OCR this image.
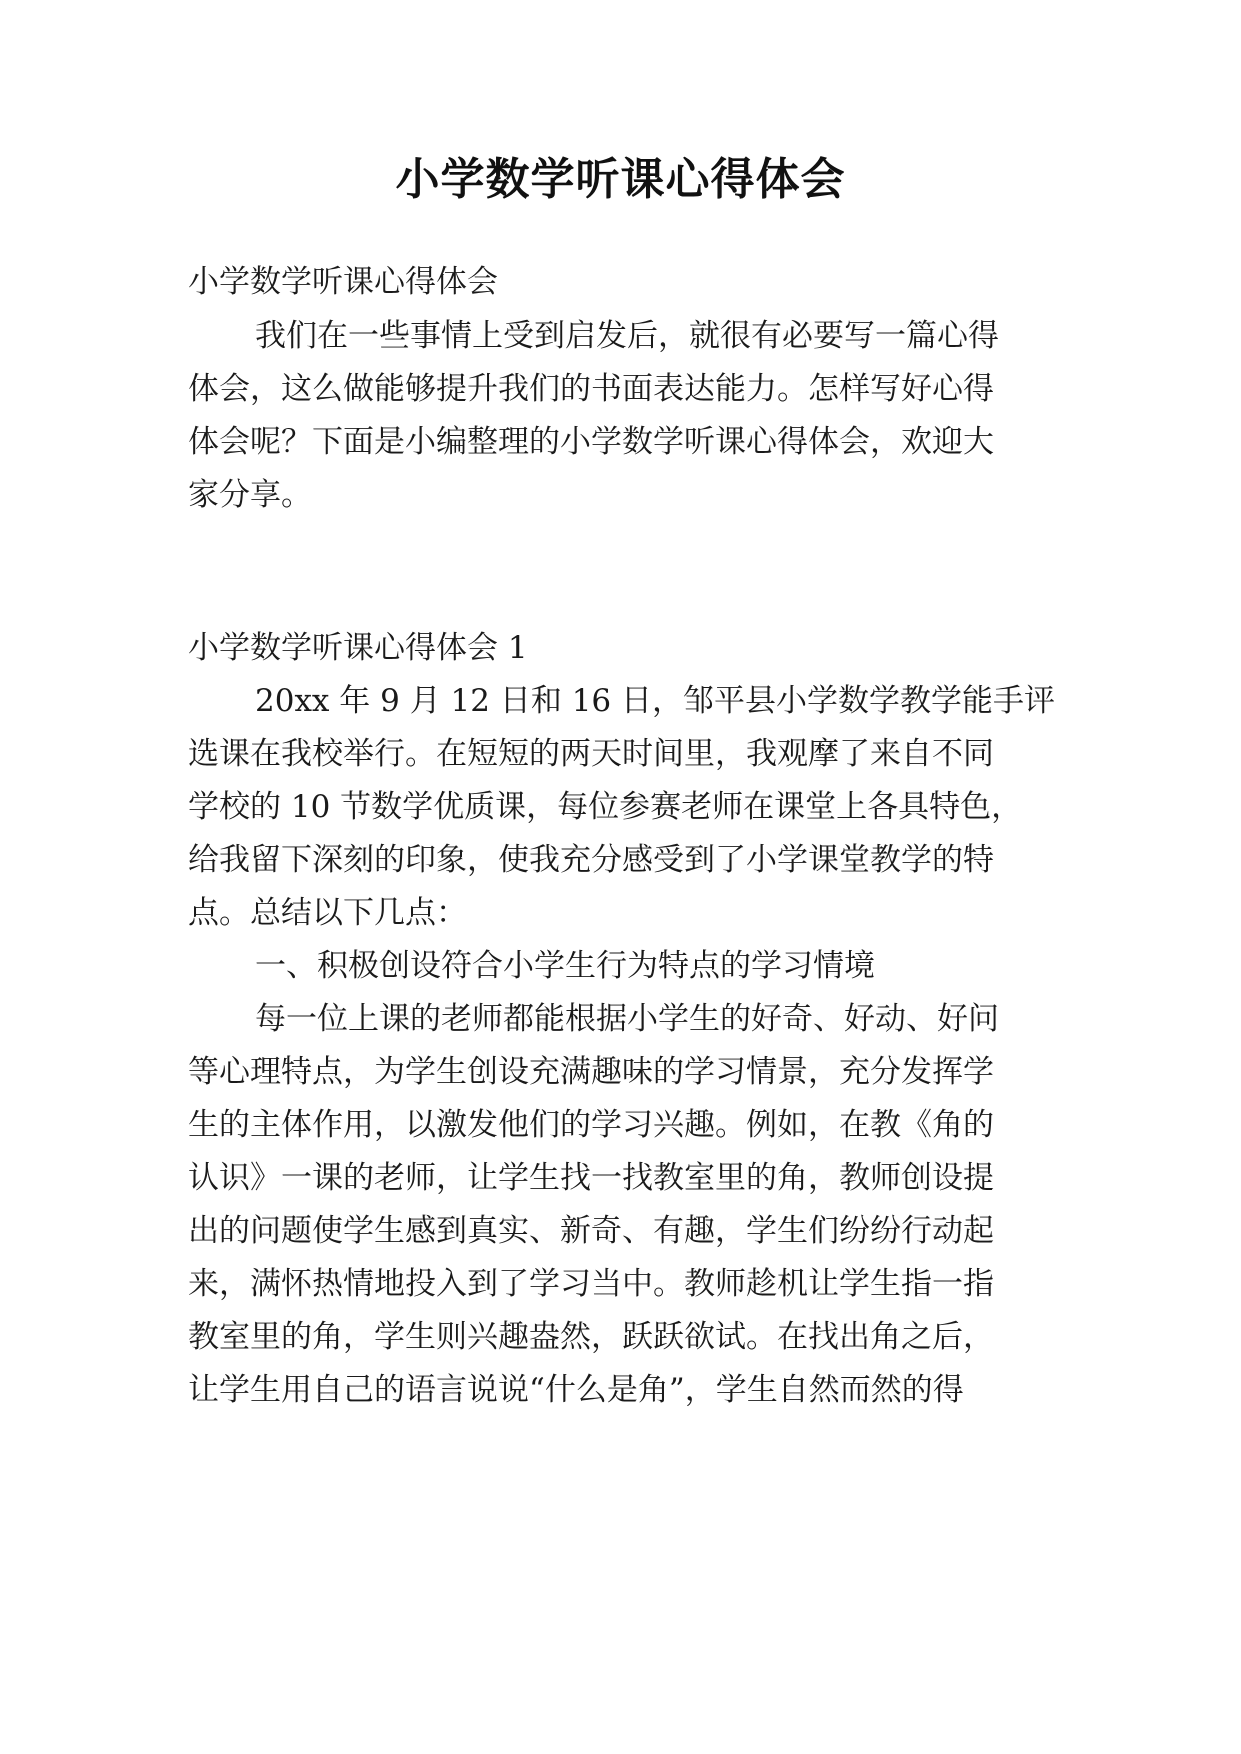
小学数学听课心得体会
小学数学听课心得体会
我们在一些事情上受到启发后，就很有必要写一篇心得
体会，这么做能够提升我们的书面表达能力。怎样写好心得
体会呢？下面是小编整理的小学数学听课心得体会，欢迎大
家分享。
小学数学听课心得体会 1
20xx 年 9 月 12 日和 16 日，邹平县小学数学教学能手评
选课在我校举行。在短短的两天时间里，我观摩了来自不同
学校的 10 节数学优质课，每位参赛老师在课堂上各具特色，
给我留下深刻的印象，使我充分感受到了小学课堂教学的特
点。总结以下几点：
一、积极创设符合小学生行为特点的学习情境
每一位上课的老师都能根据小学生的好奇、好动、好问
等心理特点，为学生创设充满趣味的学习情景，充分发挥学
生的主体作用，以激发他们的学习兴趣。例如，在教《角的
认识》一课的老师，让学生找一找教室里的角，教师创设提
出的问题使学生感到真实、新奇、有趣，学生们纷纷行动起
来，满怀热情地投入到了学习当中。教师趁机让学生指一指
教室里的角，学生则兴趣盎然，跃跃欲试。在找出角之后，
让学生用自己的语言说说“什么是角”，学生自然而然的得
